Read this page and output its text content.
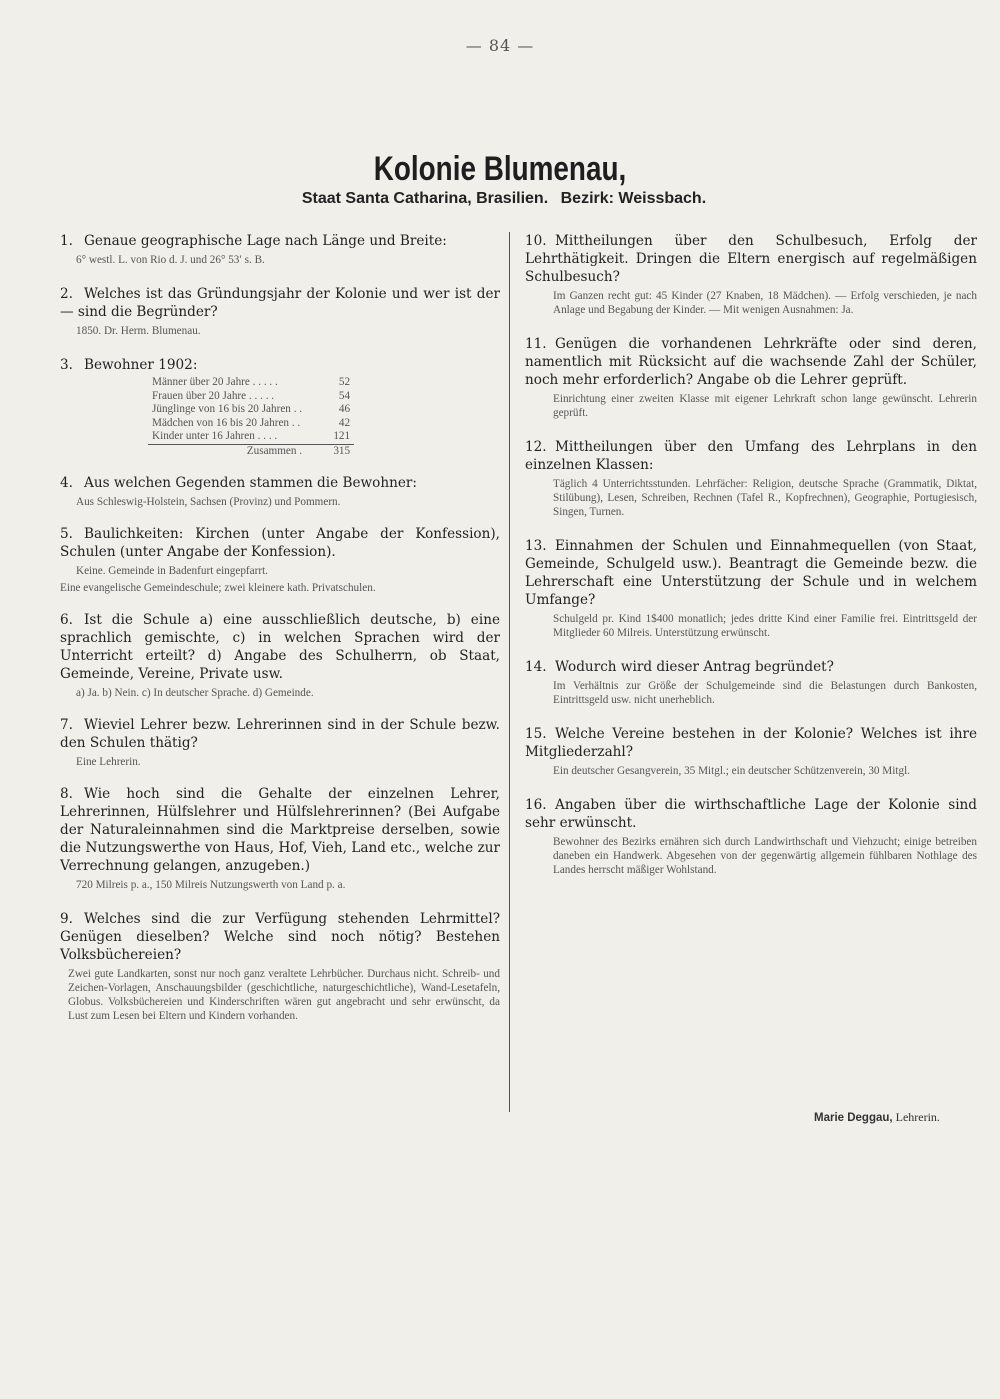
— 84 —

Kolonie Blumenau,
Staat Santa Catharina, Brasilien. Bezirk: Weissbach.
1. Genaue geographische Lage nach Länge und Breite:
6° westl. L. von Rio d. J. und 26° 53′ s. B.
2. Welches ist das Gründungsjahr der Kolonie und wer ist der — sind die Begründer?
1850. Dr. Herm. Blumenau.
3. Bewohner 1902:
Männer über 20 Jahre . . . . .	52
Frauen über 20 Jahre . . . . .	54
Jünglinge von 16 bis 20 Jahren . .	46
Mädchen von 16 bis 20 Jahren . .	42
Kinder unter 16 Jahren . . . .	121
Zusammen .	315
4. Aus welchen Gegenden stammen die Bewohner:
Aus Schleswig-Holstein, Sachsen (Provinz) und Pommern.
5. Baulichkeiten: Kirchen (unter Angabe der Konfession), Schulen (unter Angabe der Konfession).
Keine. Gemeinde in Badenfurt eingepfarrt.
Eine evangelische Gemeindeschule; zwei kleinere kath. Privatschulen.
6. Ist die Schule a) eine ausschließlich deutsche, b) eine sprachlich gemischte, c) in welchen Sprachen wird der Unterricht erteilt? d) Angabe des Schulherrn, ob Staat, Gemeinde, Vereine, Private usw.
a) Ja. b) Nein. c) In deutscher Sprache. d) Gemeinde.
7. Wieviel Lehrer bezw. Lehrerinnen sind in der Schule bezw. den Schulen thätig?
Eine Lehrerin.
8. Wie hoch sind die Gehalte der einzelnen Lehrer, Lehrerinnen, Hülfslehrer und Hülfslehrerinnen? (Bei Aufgabe der Naturaleinnahmen sind die Marktpreise derselben, sowie die Nutzungswerthe von Haus, Hof, Vieh, Land etc., welche zur Verrechnung gelangen, anzugeben.)
720 Milreis p. a., 150 Milreis Nutzungswerth von Land p. a.
9. Welches sind die zur Verfügung stehenden Lehrmittel? Genügen dieselben? Welche sind noch nötig? Bestehen Volksbüchereien?
Zwei gute Landkarten, sonst nur noch ganz veraltete Lehrbücher. Durchaus nicht. Schreib- und Zeichen-Vorlagen, Anschauungsbilder (geschichtliche, naturgeschichtliche), Wand-Lesetafeln, Globus. Volksbüchereien und Kinderschriften wären gut angebracht und sehr erwünscht, da Lust zum Lesen bei Eltern und Kindern vorhanden.
10. Mittheilungen über den Schulbesuch, Erfolg der Lehrthätigkeit. Dringen die Eltern energisch auf regelmäßigen Schulbesuch?
Im Ganzen recht gut: 45 Kinder (27 Knaben, 18 Mädchen). — Erfolg verschieden, je nach Anlage und Begabung der Kinder. — Mit wenigen Ausnahmen: Ja.
11. Genügen die vorhandenen Lehrkräfte oder sind deren, namentlich mit Rücksicht auf die wachsende Zahl der Schüler, noch mehr erforderlich? Angabe ob die Lehrer geprüft.
Einrichtung einer zweiten Klasse mit eigener Lehrkraft schon lange gewünscht. Lehrerin geprüft.
12. Mittheilungen über den Umfang des Lehrplans in den einzelnen Klassen:
Täglich 4 Unterrichtsstunden. Lehrfächer: Religion, deutsche Sprache (Grammatik, Diktat, Stilübung), Lesen, Schreiben, Rechnen (Tafel R., Kopfrechnen), Geographie, Portugiesisch, Singen, Turnen.
13. Einnahmen der Schulen und Einnahmequellen (von Staat, Gemeinde, Schulgeld usw.). Beantragt die Gemeinde bezw. die Lehrerschaft eine Unterstützung der Schule und in welchem Umfange?
Schulgeld pr. Kind 1$400 monatlich; jedes dritte Kind einer Familie frei. Eintrittsgeld der Mitglieder 60 Milreis. Unterstützung erwünscht.
14. Wodurch wird dieser Antrag begründet?
Im Verhältnis zur Größe der Schulgemeinde sind die Belastungen durch Bankosten, Eintrittsgeld usw. nicht unerheblich.
15. Welche Vereine bestehen in der Kolonie? Welches ist ihre Mitgliederzahl?
Ein deutscher Gesangverein, 35 Mitgl.; ein deutscher Schützenverein, 30 Mitgl.
16. Angaben über die wirthschaftliche Lage der Kolonie sind sehr erwünscht.
Bewohner des Bezirks ernähren sich durch Landwirthschaft und Viehzucht; einige betreiben daneben ein Handwerk. Abgesehen von der gegenwärtig allgemein fühlbaren Nothlage des Landes herrscht mäßiger Wohlstand.
Marie Deggau, Lehrerin.
